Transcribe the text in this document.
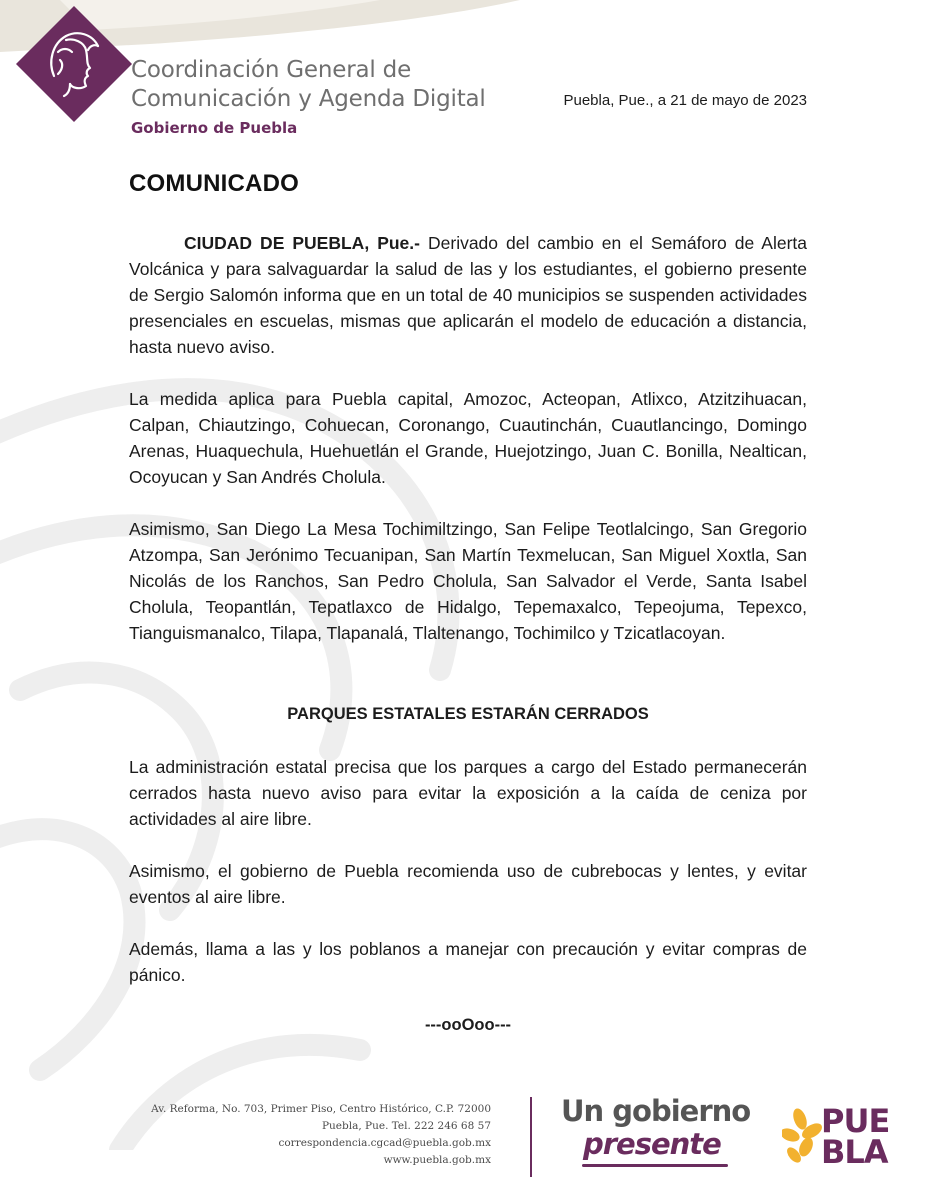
Coordinación General de
Comunicación y Agenda Digital
Gobierno de Puebla
Puebla, Pue., a 21 de mayo de 2023
COMUNICADO
CIUDAD DE PUEBLA, Pue.- Derivado del cambio en el Semáforo de Alerta Volcánica y para salvaguardar la salud de las y los estudiantes, el gobierno presente de Sergio Salomón informa que en un total de 40 municipios se suspenden actividades presenciales en escuelas, mismas que aplicarán el modelo de educación a distancia, hasta nuevo aviso.
La medida aplica para Puebla capital, Amozoc, Acteopan, Atlixco, Atzitzihuacan, Calpan, Chiautzingo, Cohuecan, Coronango, Cuautinchán, Cuautlancingo, Domingo Arenas, Huaquechula, Huehuetlán el Grande, Huejotzingo, Juan C. Bonilla, Nealtican, Ocoyucan y San Andrés Cholula.
Asimismo, San Diego La Mesa Tochimiltzingo, San Felipe Teotlalcingo, San Gregorio Atzompa, San Jerónimo Tecuanipan, San Martín Texmelucan, San Miguel Xoxtla, San Nicolás de los Ranchos, San Pedro Cholula, San Salvador el Verde, Santa Isabel Cholula, Teopantlán, Tepatlaxco de Hidalgo, Tepemaxalco, Tepeojuma, Tepexco, Tianguismanalco, Tilapa, Tlapanalá, Tlaltenango, Tochimilco y Tzicatlacoyan.
PARQUES ESTATALES ESTARÁN CERRADOS
La administración estatal precisa que los parques a cargo del Estado permanecerán cerrados hasta nuevo aviso para evitar la exposición a la caída de ceniza por actividades al aire libre.
Asimismo, el gobierno de Puebla recomienda uso de cubrebocas y lentes, y evitar eventos al aire libre.
Además, llama a las y los poblanos a manejar con precaución y evitar compras de pánico.
---ooOoo---
Av. Reforma, No. 703, Primer Piso, Centro Histórico, C.P. 72000
Puebla, Pue. Tel. 222 246 68 57
correspondencia.cgcad@puebla.gob.mx
www.puebla.gob.mx
Un gobierno
presente
PUE
BLA
